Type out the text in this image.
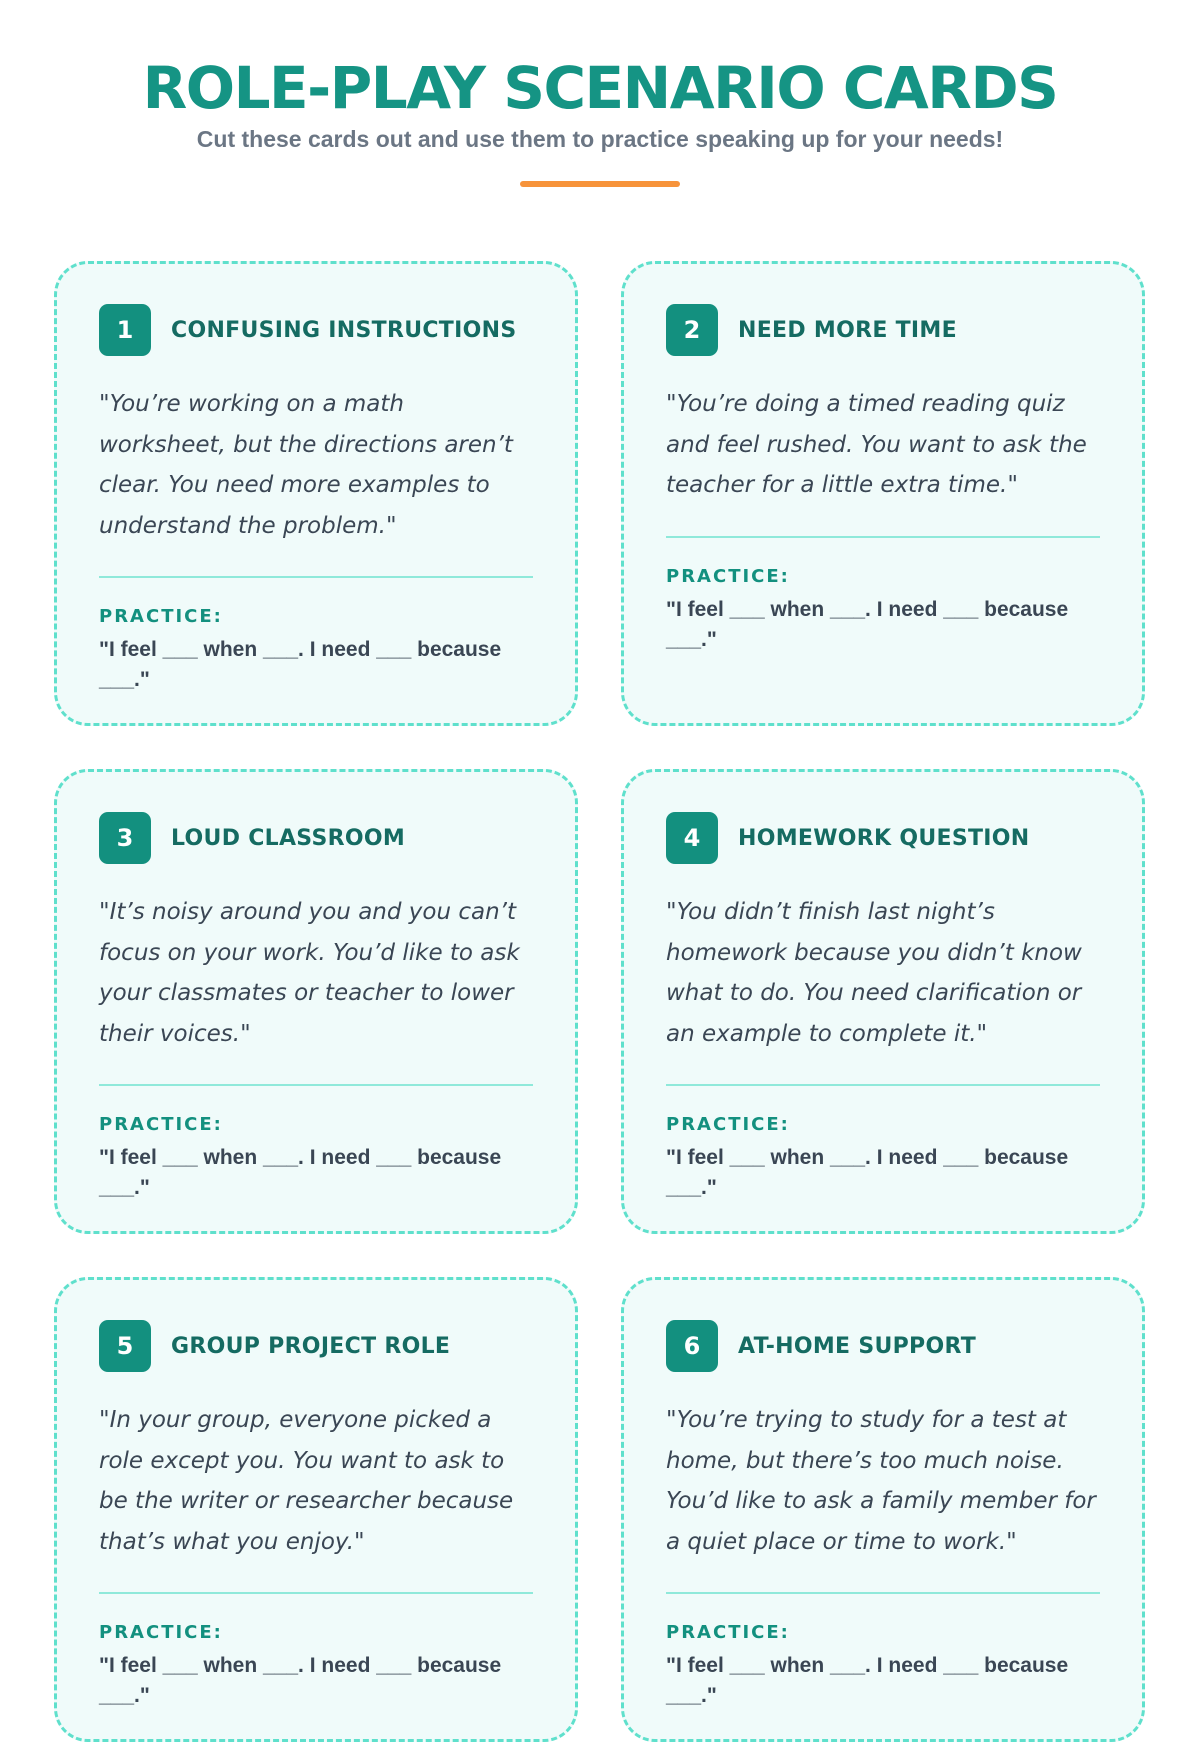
ROLE-PLAY SCENARIO CARDS

Cut these cards out and use them to practice speaking up for your needs!

1	CONFUSING INSTRUCTIONS
"You’re working on a math worksheet, but the directions aren’t clear. You need more examples to understand the problem."
PRACTICE:
"I feel ___ when ___. I need ___ because ___."
2	NEED MORE TIME
"You’re doing a timed reading quiz and feel rushed. You want to ask the teacher for a little extra time."
PRACTICE:
"I feel ___ when ___. I need ___ because ___."
3	LOUD CLASSROOM
"It’s noisy around you and you can’t focus on your work. You’d like to ask your classmates or teacher to lower their voices."
PRACTICE:
"I feel ___ when ___. I need ___ because ___."
4	HOMEWORK QUESTION
"You didn’t finish last night’s homework because you didn’t know what to do. You need clarification or an example to complete it."
PRACTICE:
"I feel ___ when ___. I need ___ because ___."
5	GROUP PROJECT ROLE
"In your group, everyone picked a role except you. You want to ask to be the writer or researcher because that’s what you enjoy."
PRACTICE:
"I feel ___ when ___. I need ___ because ___."
6	AT-HOME SUPPORT
"You’re trying to study for a test at home, but there’s too much noise. You’d like to ask a family member for a quiet place or time to work."
PRACTICE:
"I feel ___ when ___. I need ___ because ___."
